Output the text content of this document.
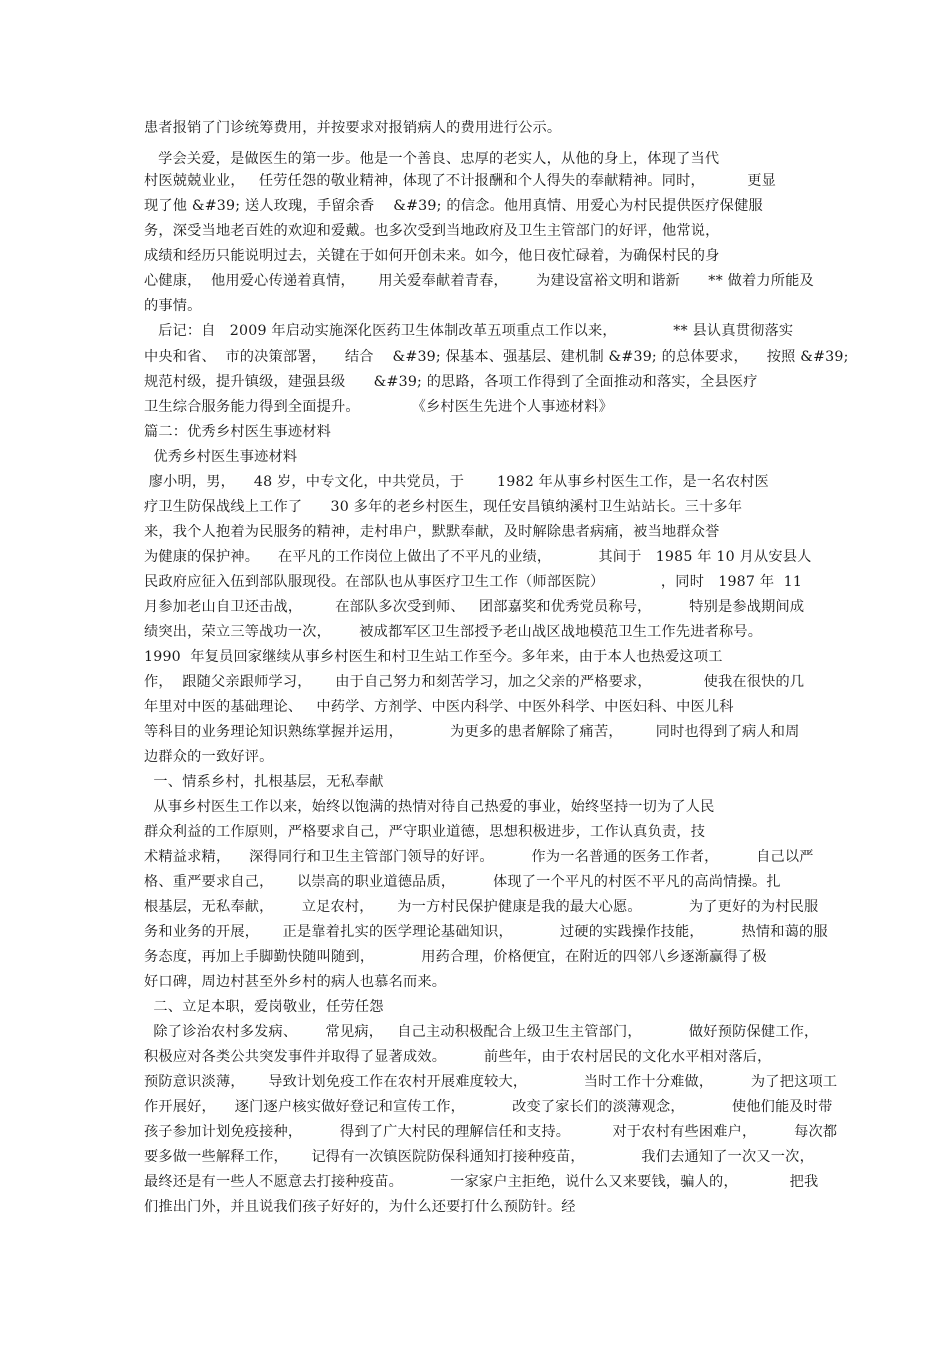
患者报销了门诊统筹费用，并按要求对报销病人的费用进行公示。
学会关爱，是做医生的第一步。他是一个善良、忠厚的老实人，从他的身上，体现了当代
村医兢兢业业，   任劳任怨的敬业精神，体现了不计报酬和个人得失的奉献精神。同时，         更显
现了他 &#39; 送人玫瑰，手留余香    &#39; 的信念。他用真情、用爱心为村民提供医疗保健服
务，深受当地老百姓的欢迎和爱戴。也多次受到当地政府及卫生主管部门的好评，他常说，
成绩和经历只能说明过去，关键在于如何开创未来。如今，他日夜忙碌着，为确保村民的身
心健康，  他用爱心传递着真情，     用关爱奉献着青春，      为建设富裕文明和谐新      ** 做着力所能及
的事情。
后记：自   2009 年启动实施深化医药卫生体制改革五项重点工作以来，            ** 县认真贯彻落实
中央和省、  市的决策部署，    结合    &#39; 保基本、强基层、建机制 &#39; 的总体要求，    按照 &#39;
规范村级，提升镇级，建强县级      &#39; 的思路，各项工作得到了全面推动和落实，全县医疗
卫生综合服务能力得到全面提升。           《乡村医生先进个人事迹材料》
篇二：优秀乡村医生事迹材料
优秀乡村医生事迹材料
廖小明，男，    48 岁，中专文化，中共党员，于       1982 年从事乡村医生工作，是一名农村医
疗卫生防保战线上工作了      30 多年的老乡村医生，现任安昌镇纳溪村卫生站站长。三十多年
来，我个人抱着为民服务的精神，走村串户，默默奉献，及时解除患者病痛，被当地群众誉
为健康的保护神。    在平凡的工作岗位上做出了不平凡的业绩，          其间于   1985 年 10 月从安县人
民政府应征入伍到部队服现役。在部队也从事医疗卫生工作（师部医院）            ，同时   1987 年  11
月参加老山自卫还击战，       在部队多次受到师、   团部嘉奖和优秀党员称号，        特别是参战期间成
绩突出，荣立三等战功一次，      被成都军区卫生部授予老山战区战地模范卫生工作先进者称号。
1990  年复员回家继续从事乡村医生和村卫生站工作至今。多年来，由于本人也热爱这项工
作，  跟随父亲跟师学习，     由于自己努力和刻苦学习，加之父亲的严格要求，           使我在很快的几
年里对中医的基础理论、   中药学、方剂学、中医内科学、中医外科学、中医妇科、中医儿科
等科目的业务理论知识熟练掌握并运用，          为更多的患者解除了痛苦，       同时也得到了病人和周
边群众的一致好评。
一、情系乡村，扎根基层，无私奉献
从事乡村医生工作以来，始终以饱满的热情对待自己热爱的事业，始终坚持一切为了人民
群众利益的工作原则，严格要求自己，严守职业道德，思想积极进步，工作认真负责，技
术精益求精，    深得同行和卫生主管部门领导的好评。        作为一名普通的医务工作者，        自己以严
格、重严要求自己，     以崇高的职业道德品质，        体现了一个平凡的村医不平凡的高尚情操。扎
根基层，无私奉献，      立足农村，     为一方村民保护健康是我的最大心愿。          为了更好的为村民服
务和业务的开展，     正是靠着扎实的医学理论基础知识，          过硬的实践操作技能，        热情和蔼的服
务态度，再加上手脚勤快随叫随到，          用药合理，价格便宜，在附近的四邻八乡逐渐赢得了极
好口碑，周边村甚至外乡村的病人也慕名而来。
二、立足本职，爱岗敬业，任劳任怨
除了诊治农村多发病、      常见病，   自己主动积极配合上级卫生主管部门，          做好预防保健工作，
积极应对各类公共突发事件并取得了显著成效。        前些年，由于农村居民的文化水平相对落后，
预防意识淡薄，     导致计划免疫工作在农村开展难度较大，            当时工作十分难做，        为了把这项工
作开展好，    逐门逐户核实做好登记和宣传工作，          改变了家长们的淡薄观念，          使他们能及时带
孩子参加计划免疫接种，        得到了广大村民的理解信任和支持。         对于农村有些困难户，        每次都
要多做一些解释工作，     记得有一次镇医院防保科通知打接种疫苗，            我们去通知了一次又一次，
最终还是有一些人不愿意去打接种疫苗。          一家家户主拒绝，说什么又来要钱，骗人的，           把我
们推出门外，并且说我们孩子好好的，为什么还要打什么预防针。经
